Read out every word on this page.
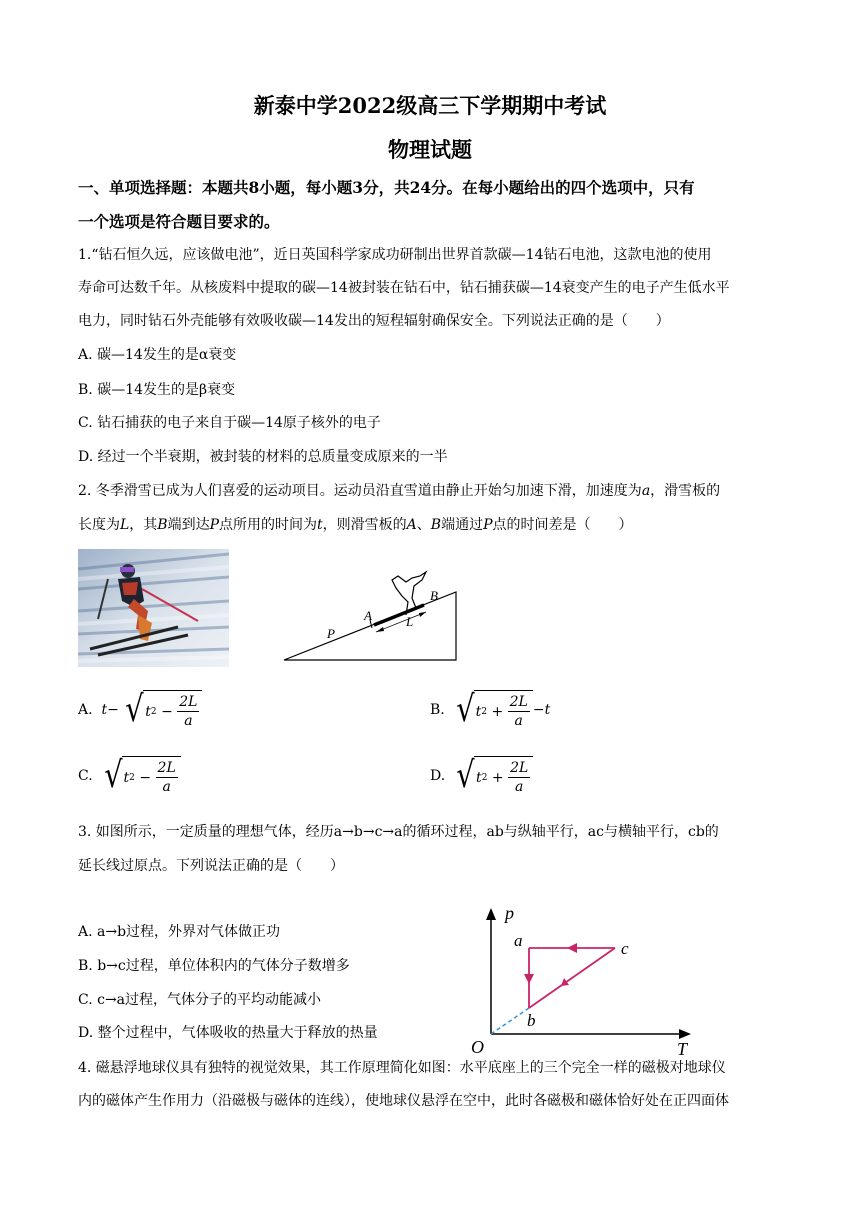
新泰中学2022级高三下学期期中考试
物理试题
一、单项选择题：本题共8小题，每小题3分，共24分。在每小题给出的四个选项中，只有
一个选项是符合题目要求的。
1.“钻石恒久远，应该做电池”，近日英国科学家成功研制出世界首款碳—14钻石电池，这款电池的使用
寿命可达数千年。从核废料中提取的碳—14被封装在钻石中，钻石捕获碳—14衰变产生的电子产生低水平
电力，同时钻石外壳能够有效吸收碳—14发出的短程辐射确保安全。下列说法正确的是（　　）
A. 碳—14发生的是α衰变
B. 碳—14发生的是β衰变
C. 钻石捕获的电子来自于碳—14原子核外的电子
D. 经过一个半衰期，被封装的材料的总质量变成原来的一半
2. 冬季滑雪已成为人们喜爱的运动项目。运动员沿直雪道由静止开始匀加速下滑，加速度为a，滑雪板的
长度为L，其B端到达P点所用的时间为t，则滑雪板的A、B端通过P点的时间差是（　　）
P
A
B
L
A. t− √ t 2
−
$\frac{2L}{a}$	B. √ t 2
+
$\frac{2L}{a} -t$
C. √ t 2
−
$\frac{2L}{a}$	D. √ t 2
+
$\frac{2L}{a}$
3. 如图所示，一定质量的理想气体，经历a→b→c→a的循环过程，ab与纵轴平行，ac与横轴平行，cb的
延长线过原点。下列说法正确的是（　　）
A. a→b过程，外界对气体做正功
B. b→c过程，单位体积内的气体分子数增多
C. c→a过程，气体分子的平均动能减小
D. 整个过程中，气体吸收的热量大于释放的热量
p
T
O
a
b
c
4. 磁悬浮地球仪具有独特的视觉效果，其工作原理简化如图：水平底座上的三个完全一样的磁极对地球仪
内的磁体产生作用力（沿磁极与磁体的连线），使地球仪悬浮在空中，此时各磁极和磁体恰好处在正四面体
